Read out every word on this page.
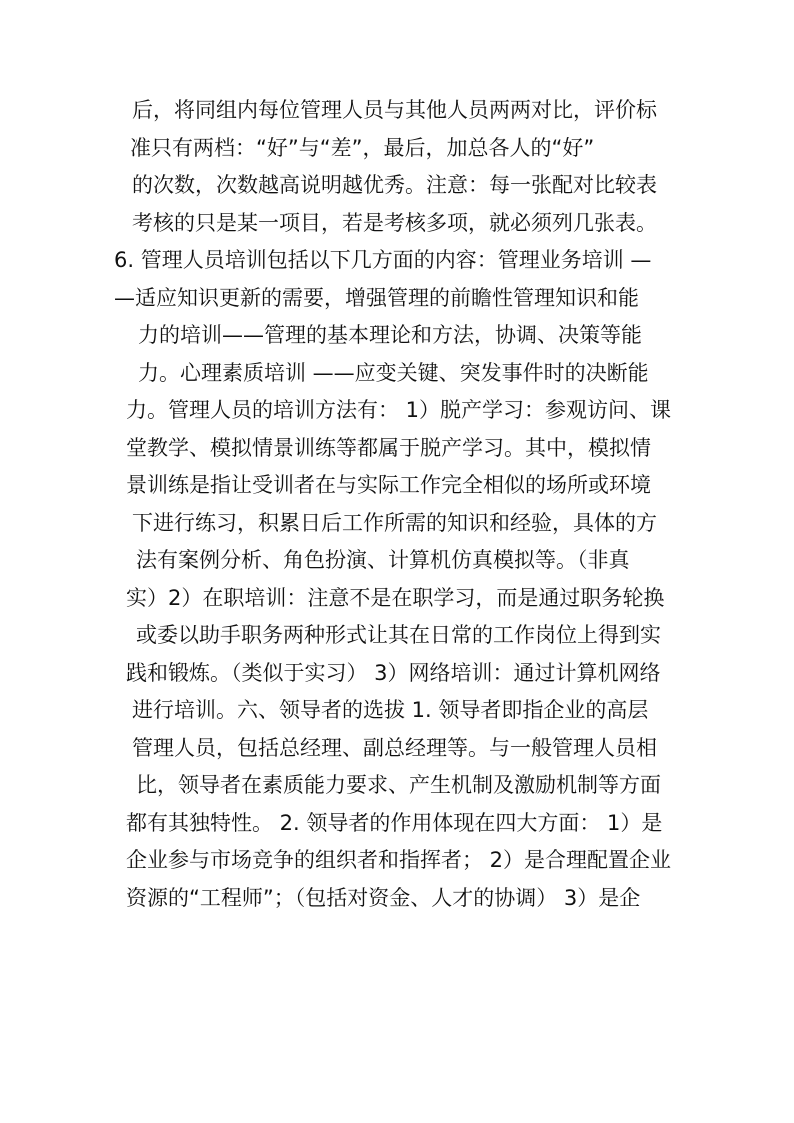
后，将同组内每位管理人员与其他人员两两对比，评价标
准只有两档：“好”与“差”，最后，加总各人的“好”
的次数，次数越高说明越优秀。注意：每一张配对比较表
考核的只是某一项目，若是考核多项，就必须列几张表。
6. 管理人员培训包括以下几方面的内容：管理业务培训 —
—适应知识更新的需要，增强管理的前瞻性管理知识和能
力的培训——管理的基本理论和方法，协调、决策等能
力。心理素质培训 ——应变关键、突发事件时的决断能
力。管理人员的培训方法有： 1）脱产学习：参观访问、课
堂教学、模拟情景训练等都属于脱产学习。其中，模拟情
景训练是指让受训者在与实际工作完全相似的场所或环境
下进行练习，积累日后工作所需的知识和经验，具体的方
法有案例分析、角色扮演、计算机仿真模拟等。（非真
实）2）在职培训：注意不是在职学习，而是通过职务轮换
或委以助手职务两种形式让其在日常的工作岗位上得到实
践和锻炼。（类似于实习） 3）网络培训：通过计算机网络
进行培训。六、领导者的选拔 1. 领导者即指企业的高层
管理人员，包括总经理、副总经理等。与一般管理人员相
比，领导者在素质能力要求、产生机制及激励机制等方面
都有其独特性。 2. 领导者的作用体现在四大方面： 1）是
企业参与市场竞争的组织者和指挥者； 2）是合理配置企业
资源的“工程师”；（包括对资金、人才的协调） 3）是企
